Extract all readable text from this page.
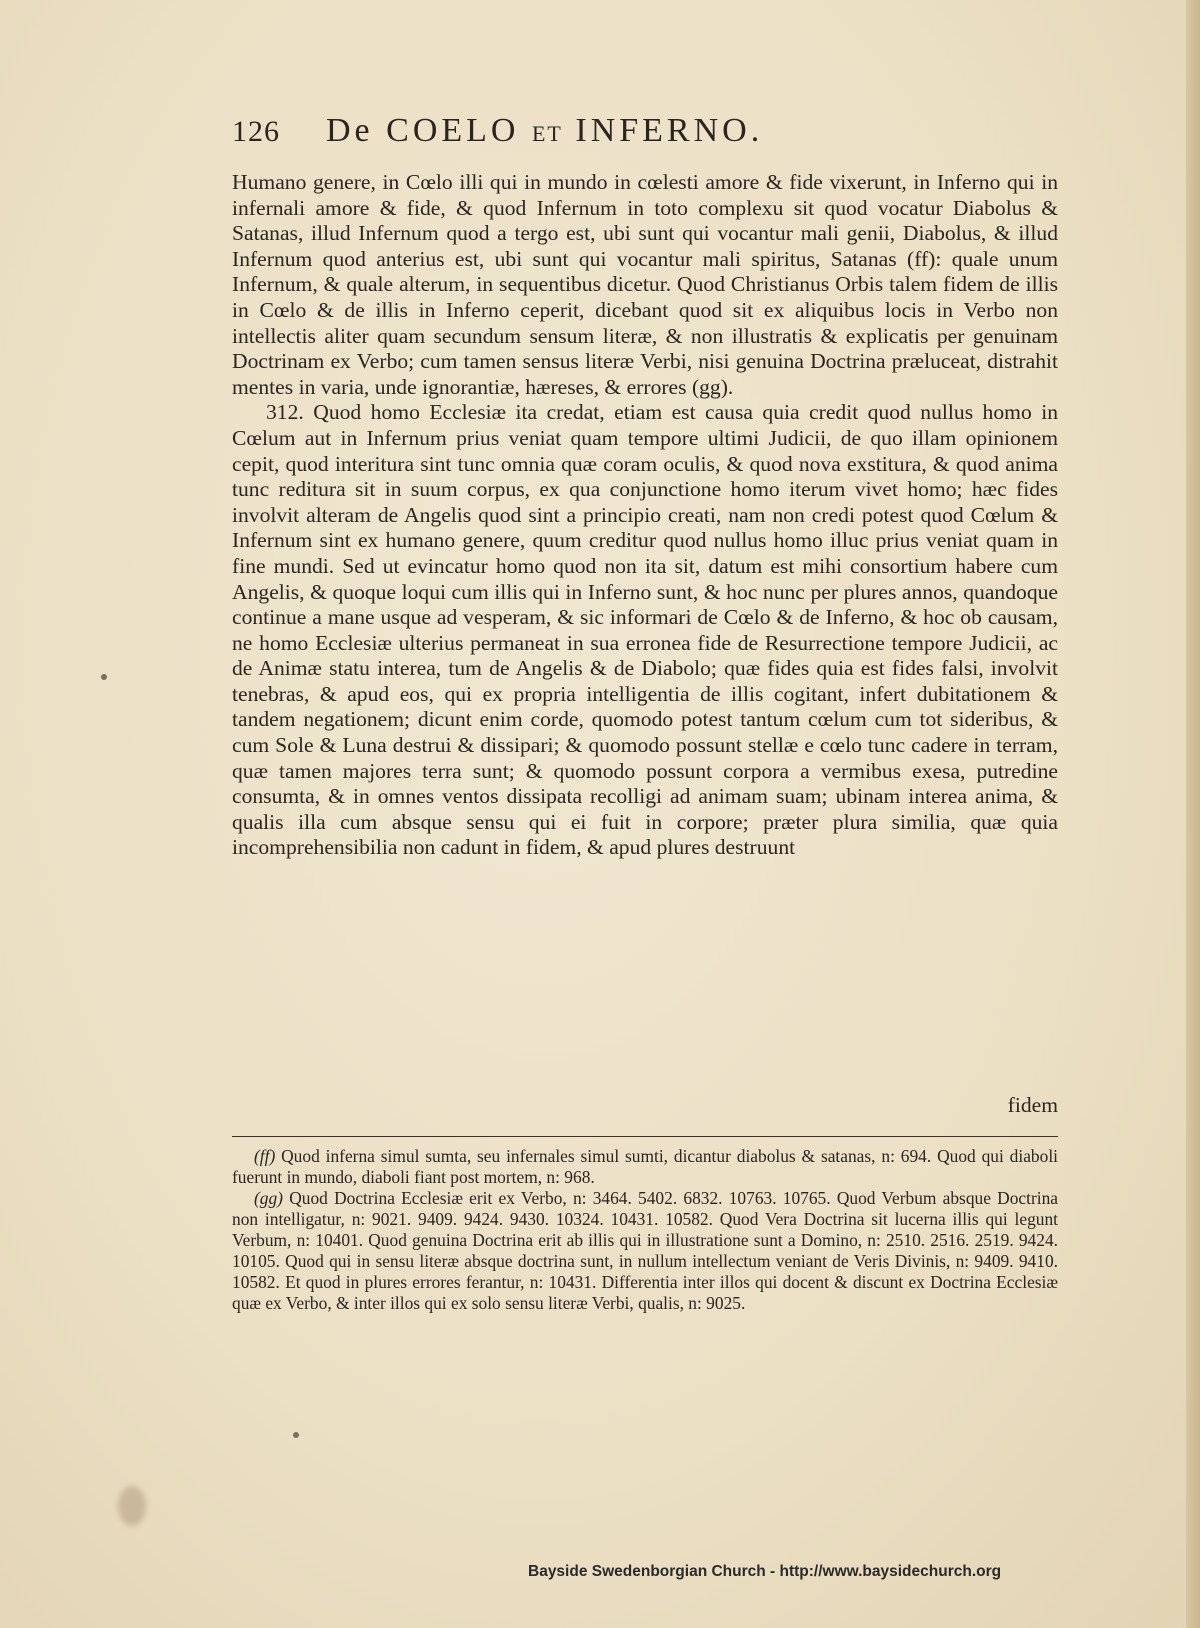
126 De COELO ET INFERNO.

Humano genere, in Cœlo illi qui in mundo in cœlesti amore & fide vixerunt, in Inferno qui in infernali amore & fide, & quod Infernum in toto complexu sit quod vocatur Diabolus & Satanas, illud Infernum quod a tergo est, ubi sunt qui vocantur mali genii, Diabolus, & illud Infernum quod anterius est, ubi sunt qui vocantur mali spiritus, Satanas (ff): quale unum Infernum, & quale alterum, in sequentibus dicetur. Quod Christianus Orbis talem fidem de illis in Cœlo & de illis in Inferno ceperit, dicebant quod sit ex aliquibus locis in Verbo non intellectis aliter quam secundum sensum literæ, & non illustratis & explicatis per genuinam Doctrinam ex Verbo; cum tamen sensus literæ Verbi, nisi genuina Doctrina præluceat, distrahit mentes in varia, unde ignorantiæ, hæreses, & errores (gg).

312. Quod homo Ecclesiæ ita credat, etiam est causa quia credit quod nullus homo in Cœlum aut in Infernum prius veniat quam tempore ultimi Judicii, de quo illam opinionem cepit, quod interitura sint tunc omnia quæ coram oculis, & quod nova exstitura, & quod anima tunc reditura sit in suum corpus, ex qua conjunctione homo iterum vivet homo; hæc fides involvit alteram de Angelis quod sint a principio creati, nam non credi potest quod Cœlum & Infernum sint ex humano genere, quum creditur quod nullus homo illuc prius veniat quam in fine mundi. Sed ut evincatur homo quod non ita sit, datum est mihi consortium habere cum Angelis, & quoque loqui cum illis qui in Inferno sunt, & hoc nunc per plures annos, quandoque continue a mane usque ad vesperam, & sic informari de Cœlo & de Inferno, & hoc ob causam, ne homo Ecclesiæ ulterius permaneat in sua erronea fide de Resurrectione tempore Judicii, ac de Animæ statu interea, tum de Angelis & de Diabolo; quæ fides quia est fides falsi, involvit tenebras, & apud eos, qui ex propria intelligentia de illis cogitant, infert dubitationem & tandem negationem; dicunt enim corde, quomodo potest tantum cœlum cum tot sideribus, & cum Sole & Luna destrui & dissipari; & quomodo possunt stellæ e cœlo tunc cadere in terram, quæ tamen majores terra sunt; & quomodo possunt corpora a vermibus exesa, putredine consumta, & in omnes ventos dissipata recolligi ad animam suam; ubinam interea anima, & qualis illa cum absque sensu qui ei fuit in corpore; præter plura similia, quæ quia incomprehensibilia non cadunt in fidem, & apud plures destruunt

fidem

(ff) Quod inferna simul sumta, seu infernales simul sumti, dicantur diabolus & satanas, n: 694. Quod qui diaboli fuerunt in mundo, diaboli fiant post mortem, n: 968.

(gg) Quod Doctrina Ecclesiæ erit ex Verbo, n: 3464. 5402. 6832. 10763. 10765. Quod Verbum absque Doctrina non intelligatur, n: 9021. 9409. 9424. 9430. 10324. 10431. 10582. Quod Vera Doctrina sit lucerna illis qui legunt Verbum, n: 10401. Quod genuina Doctrina erit ab illis qui in illustratione sunt a Domino, n: 2510. 2516. 2519. 9424. 10105. Quod qui in sensu literæ absque doctrina sunt, in nullum intellectum veniant de Veris Divinis, n: 9409. 9410. 10582. Et quod in plures errores ferantur, n: 10431. Differentia inter illos qui docent & discunt ex Doctrina Ecclesiæ quæ ex Verbo, & inter illos qui ex solo sensu literæ Verbi, qualis, n: 9025.

Bayside Swedenborgian Church - http://www.baysidechurch.org
